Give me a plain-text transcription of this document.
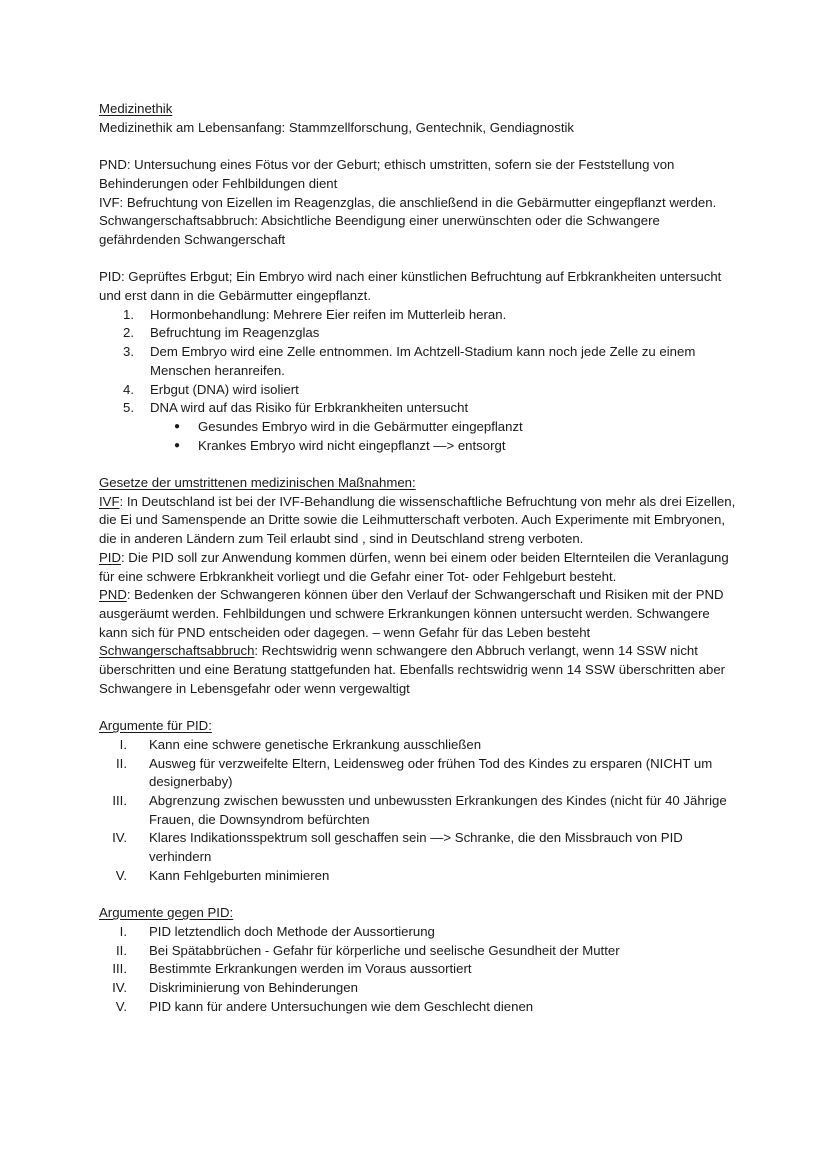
Medizinethik

Medizinethik am Lebensanfang: Stammzellforschung, Gentechnik, Gendiagnostik

PND: Untersuchung eines Fötus vor der Geburt; ethisch umstritten, sofern sie der Feststellung von Behinderungen oder Fehlbildungen dient

IVF: Befruchtung von Eizellen im Reagenzglas, die anschließend in die Gebärmutter eingepflanzt werden.

Schwangerschaftsabbruch: Absichtliche Beendigung einer unerwünschten oder die Schwangere gefährdenden Schwangerschaft

PID: Geprüftes Erbgut; Ein Embryo wird nach einer künstlichen Befruchtung auf Erbkrankheiten untersucht und erst dann in die Gebärmutter eingepflanzt.

1.	Hormonbehandlung: Mehrere Eier reifen im Mutterleib heran.
2.	Befruchtung im Reagenzglas
3.	Dem Embryo wird eine Zelle entnommen. Im Achtzell-Stadium kann noch jede Zelle zu einem Menschen heranreifen.
4.	Erbgut (DNA) wird isoliert
5.	DNA wird auf das Risiko für Erbkrankheiten untersucht
●	Gesundes Embryo wird in die Gebärmutter eingepflanzt
●	Krankes Embryo wird nicht eingepflanzt —> entsorgt

Gesetze der umstrittenen medizinischen Maßnahmen:

IVF: In Deutschland ist bei der IVF-Behandlung die wissenschaftliche Befruchtung von mehr als drei Eizellen, die Ei und Samenspende an Dritte sowie die Leihmutterschaft verboten. Auch Experimente mit Embryonen, die in anderen Ländern zum Teil erlaubt sind , sind in Deutschland streng verboten.

PID: Die PID soll zur Anwendung kommen dürfen, wenn bei einem oder beiden Elternteilen die Veranlagung für eine schwere Erbkrankheit vorliegt und die Gefahr einer Tot- oder Fehlgeburt besteht.

PND: Bedenken der Schwangeren können über den Verlauf der Schwangerschaft und Risiken mit der PND ausgeräumt werden. Fehlbildungen und schwere Erkrankungen können untersucht werden. Schwangere kann sich für PND entscheiden oder dagegen. – wenn Gefahr für das Leben besteht

Schwangerschaftsabbruch: Rechtswidrig wenn schwangere den Abbruch verlangt, wenn 14 SSW nicht überschritten und eine Beratung stattgefunden hat. Ebenfalls rechtswidrig wenn 14 SSW überschritten aber Schwangere in Lebensgefahr oder wenn vergewaltigt

Argumente für PID:

I.	Kann eine schwere genetische Erkrankung ausschließen
II.	Ausweg für verzweifelte Eltern, Leidensweg oder frühen Tod des Kindes zu ersparen (NICHT um designerbaby)
III.	Abgrenzung zwischen bewussten und unbewussten Erkrankungen des Kindes (nicht für 40 Jährige Frauen, die Downsyndrom befürchten
IV.	Klares Indikationsspektrum soll geschaffen sein —> Schranke, die den Missbrauch von PID verhindern
V.	Kann Fehlgeburten minimieren

Argumente gegen PID:

I.	PID letztendlich doch Methode der Aussortierung
II.	Bei Spätabbrüchen - Gefahr für körperliche und seelische Gesundheit der Mutter
III.	Bestimmte Erkrankungen werden im Voraus aussortiert
IV.	Diskriminierung von Behinderungen
V.	PID kann für andere Untersuchungen wie dem Geschlecht dienen
